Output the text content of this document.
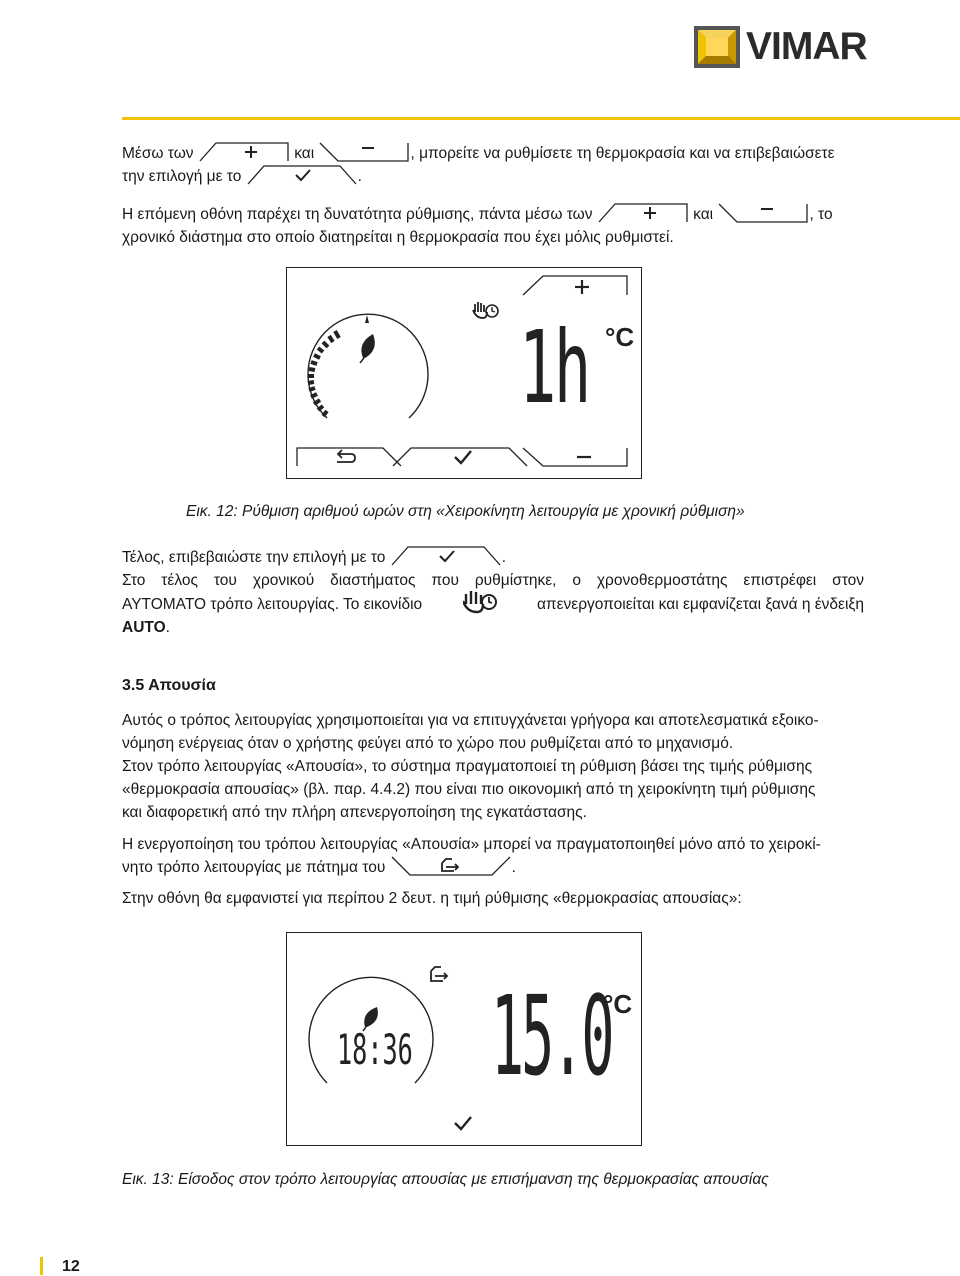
VIMAR
Μέσω των	και	, μπορείτε να ρυθμίσετε τη θερμοκρασία και να επιβεβαιώσετε
την επιλογή με το	.
Η επόμενη οθόνη παρέχει τη δυνατότητα ρύθμισης, πάντα μέσω των	και	, το
χρονικό διάστημα στο οποίο διατηρείται η θερμοκρασία που έχει μόλις ρυθμιστεί.
1h °C
Εικ. 12: Ρύθμιση αριθμού ωρών στη «Χειροκίνητη λειτουργία με χρονική ρύθμιση»
Τέλος, επιβεβαιώστε την επιλογή με το	.

Στο τέλος του χρονικού διαστήματος που ρυθμίστηκε, ο χρονοθερμοστάτης επιστρέφει στον
ΑΥΤΟΜΑΤΟ τρόπο λειτουργίας. Το εικονίδιο	απενεργοποιείται και εμφανίζεται ξανά η ένδειξη
AUTO.
3.5 Απουσία
Αυτός ο τρόπος λειτουργίας χρησιμοποιείται για να επιτυγχάνεται γρήγορα και αποτελεσματικά εξοικο-
νόμηση ενέργειας όταν ο χρήστης φεύγει από το χώρο που ρυθμίζεται από το μηχανισμό.
Στον τρόπο λειτουργίας «Απουσία», το σύστημα πραγματοποιεί τη ρύθμιση βάσει της τιμής ρύθμισης
«θερμοκρασία απουσίας» (βλ. παρ. 4.4.2) που είναι πιο οικονομική από τη χειροκίνητη τιμή ρύθμισης
και διαφορετική από την πλήρη απενεργοποίηση της εγκατάστασης.
Η ενεργοποίηση του τρόπου λειτουργίας «Απουσία» μπορεί να πραγματοποιηθεί μόνο από το χειροκί-
νητο τρόπο λειτουργίας με πάτημα του	.
Στην οθόνη θα εμφανιστεί για περίπου 2 δευτ. η τιμή ρύθμισης «θερμοκρασίας απουσίας»:
18:36 15.0
°C
Εικ. 13: Είσοδος στον τρόπο λειτουργίας απουσίας με επισήμανση της θερμοκρασίας απουσίας
12
